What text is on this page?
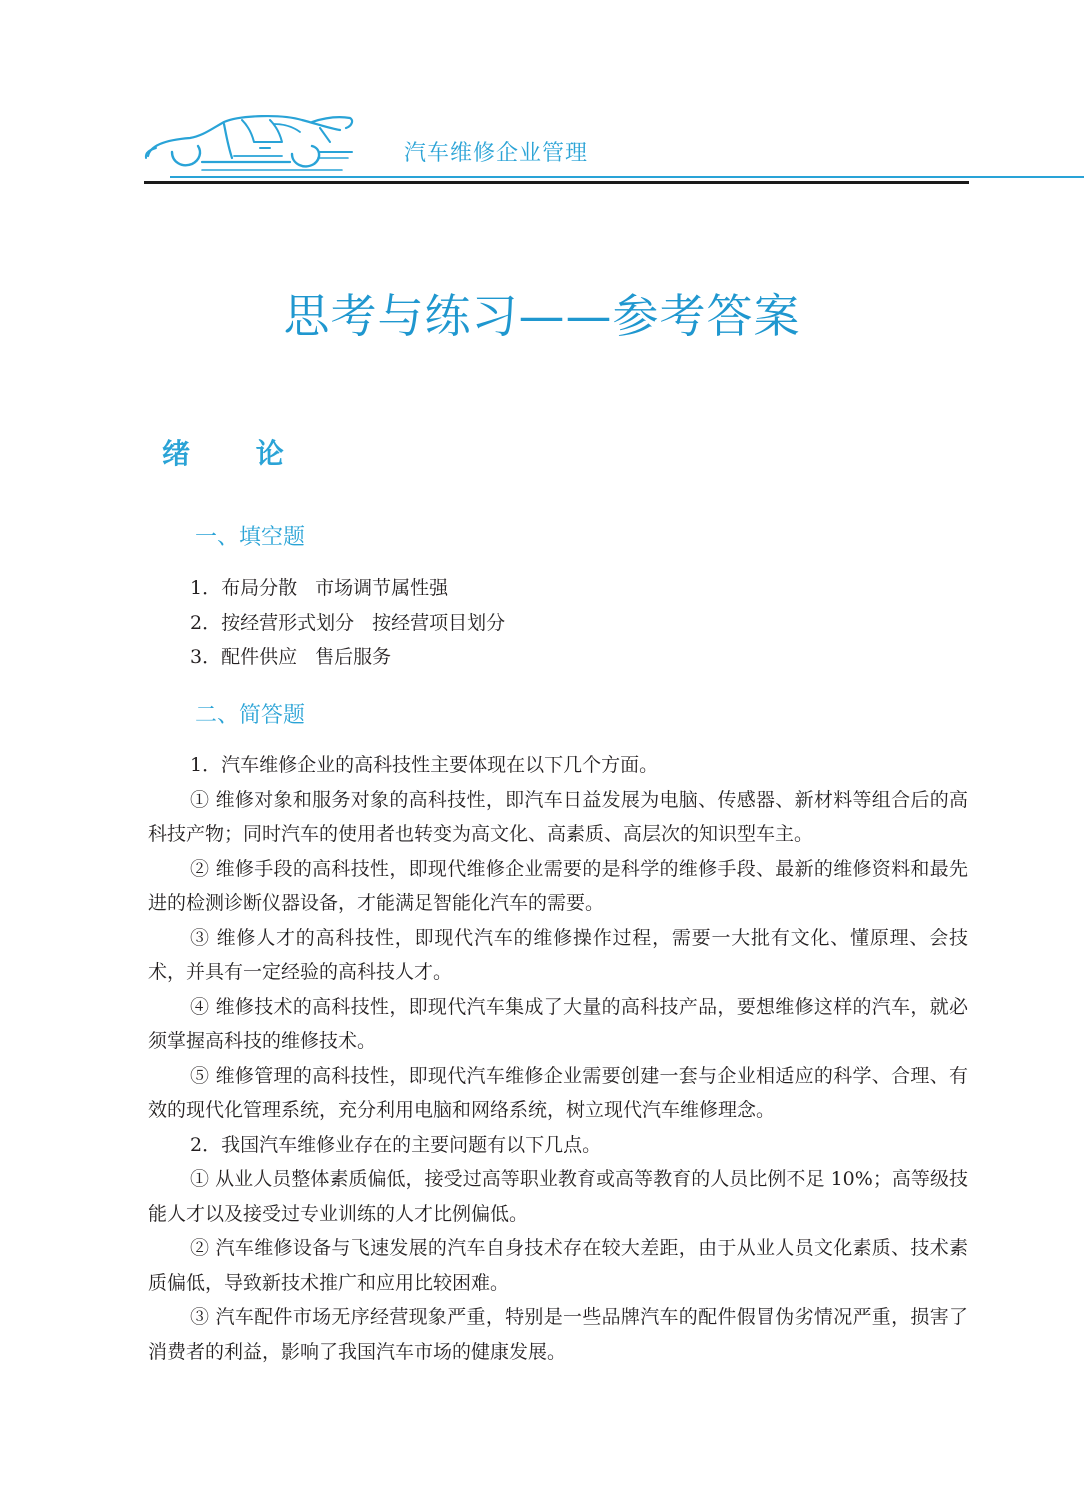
汽车维修企业管理
思考与练习——参考答案
绪 论
一、填空题
1．布局分散 市场调节属性强
2．按经营形式划分 按经营项目划分
3．配件供应 售后服务
二、简答题

1．汽车维修企业的高科技性主要体现在以下几个方面。

① 维修对象和服务对象的高科技性，即汽车日益发展为电脑、传感器、新材料等组合后的高科技产物；同时汽车的使用者也转变为高文化、高素质、高层次的知识型车主。

② 维修手段的高科技性，即现代维修企业需要的是科学的维修手段、最新的维修资料和最先进的检测诊断仪器设备，才能满足智能化汽车的需要。

③ 维修人才的高科技性，即现代汽车的维修操作过程，需要一大批有文化、懂原理、会技术，并具有一定经验的高科技人才。

④ 维修技术的高科技性，即现代汽车集成了大量的高科技产品，要想维修这样的汽车，就必须掌握高科技的维修技术。

⑤ 维修管理的高科技性，即现代汽车维修企业需要创建一套与企业相适应的科学、合理、有效的现代化管理系统，充分利用电脑和网络系统，树立现代汽车维修理念。

2．我国汽车维修业存在的主要问题有以下几点。

① 从业人员整体素质偏低，接受过高等职业教育或高等教育的人员比例不足 10%；高等级技能人才以及接受过专业训练的人才比例偏低。

② 汽车维修设备与飞速发展的汽车自身技术存在较大差距，由于从业人员文化素质、技术素质偏低，导致新技术推广和应用比较困难。

③ 汽车配件市场无序经营现象严重，特别是一些品牌汽车的配件假冒伪劣情况严重，损害了消费者的利益，影响了我国汽车市场的健康发展。
